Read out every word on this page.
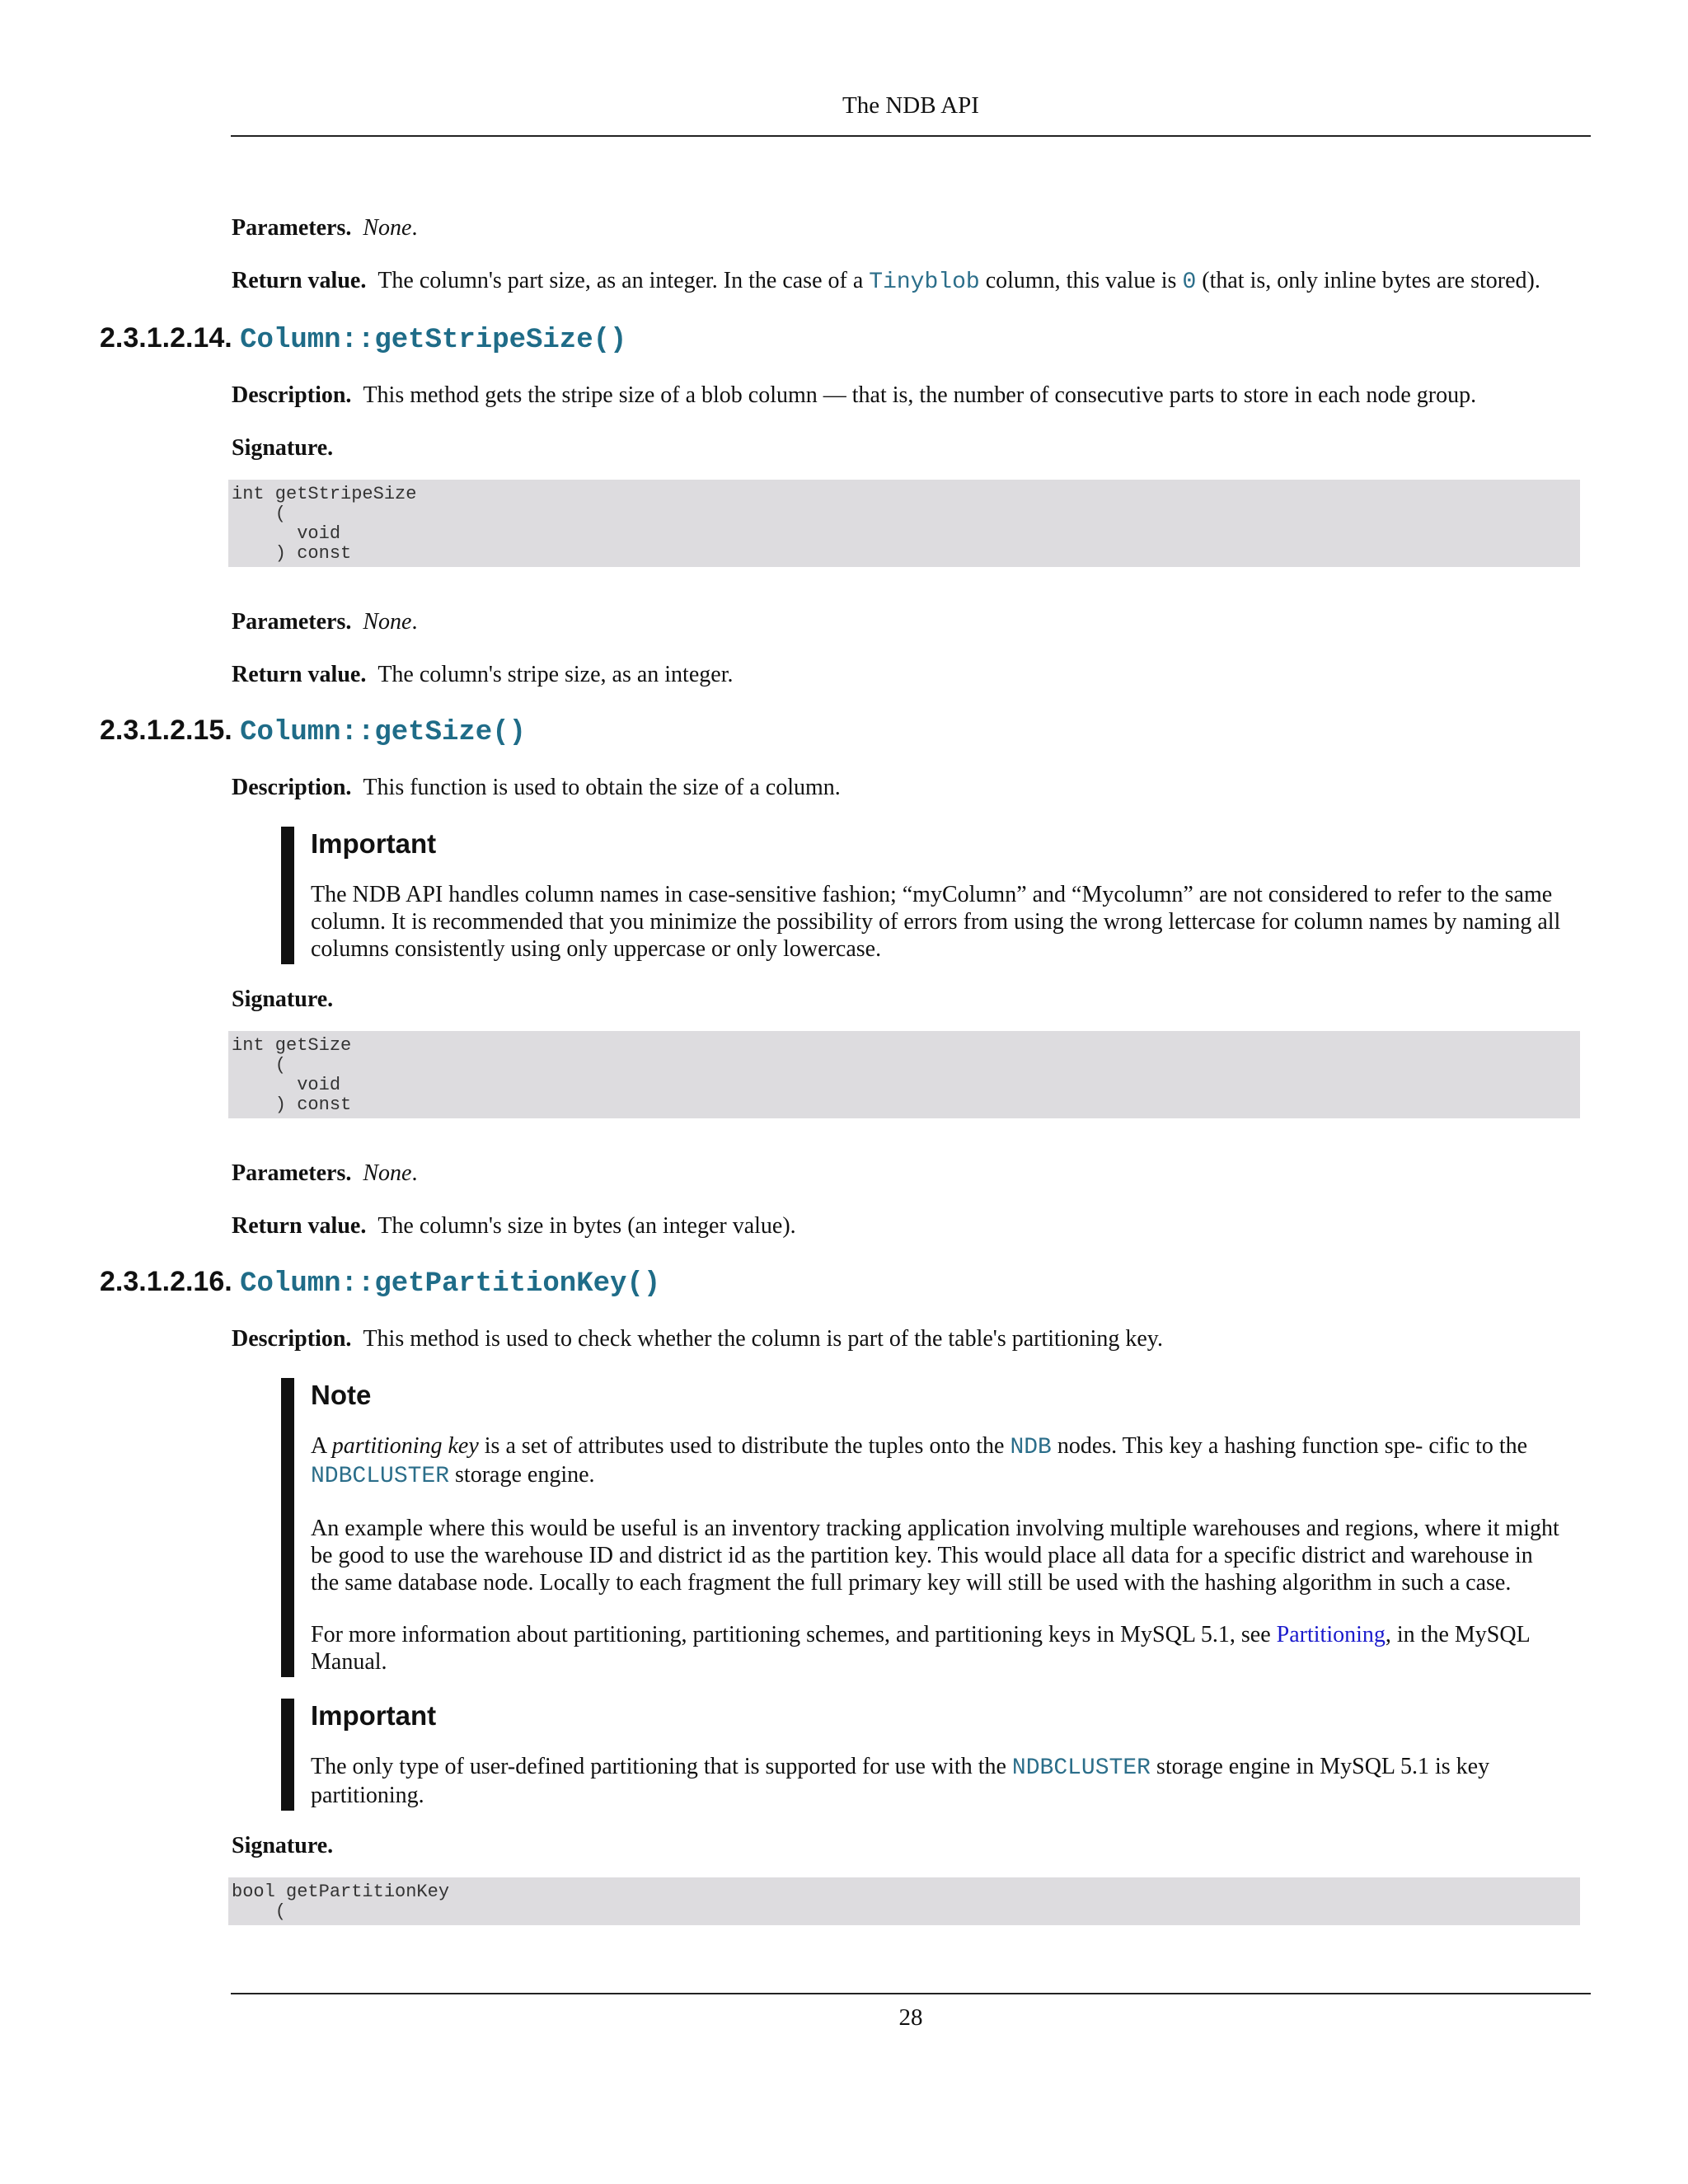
The NDB API

Parameters. None.

Return value. The column's part size, as an integer. In the case of a Tinyblob column, this value is 0 (that is, only inline bytes are stored).

2.3.1.2.14. Column::getStripeSize()

Description. This method gets the stripe size of a blob column — that is, the number of consecutive parts to store in each node group.

Signature.

int getStripeSize
(
void
) const

Parameters. None.

Return value. The column's stripe size, as an integer.

2.3.1.2.15. Column::getSize()

Description. This function is used to obtain the size of a column.

Important

The NDB API handles column names in case-sensitive fashion; “myColumn” and “Mycolumn” are not considered to refer to the same column. It is recommended that you minimize the possibility of errors from using the wrong lettercase for column names by naming all columns consistently using only uppercase or only lowercase.

Signature.

int getSize
(
void
) const

Parameters. None.

Return value. The column's size in bytes (an integer value).

2.3.1.2.16. Column::getPartitionKey()

Description. This method is used to check whether the column is part of the table's partitioning key.

Note

A partitioning key is a set of attributes used to distribute the tuples onto the NDB nodes. This key a hashing function spe- cific to the NDBCLUSTER storage engine.

An example where this would be useful is an inventory tracking application involving multiple warehouses and regions, where it might be good to use the warehouse ID and district id as the partition key. This would place all data for a specific district and warehouse in the same database node. Locally to each fragment the full primary key will still be used with the hashing algorithm in such a case.

For more information about partitioning, partitioning schemes, and partitioning keys in MySQL 5.1, see Partitioning, in the MySQL Manual.

Important

The only type of user-defined partitioning that is supported for use with the NDBCLUSTER storage engine in MySQL 5.1 is key partitioning.

Signature.

bool getPartitionKey
(
28
